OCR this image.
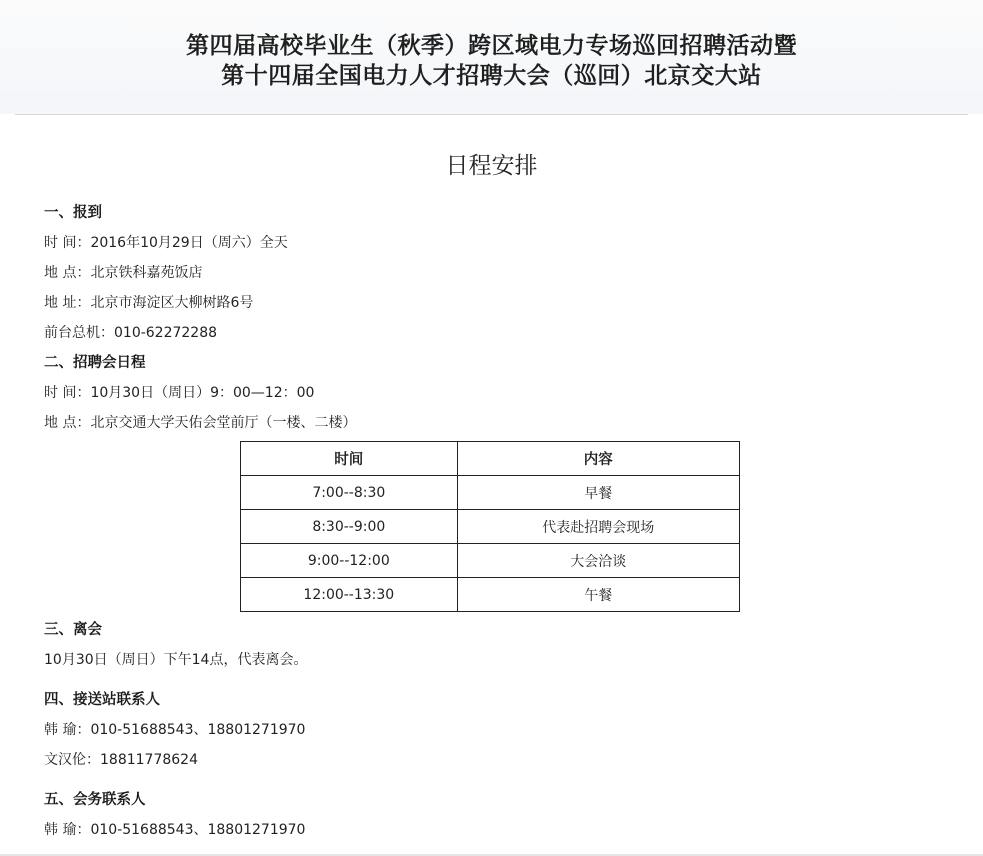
第四届高校毕业生（秋季）跨区域电力专场巡回招聘活动暨
第十四届全国电力人才招聘大会（巡回）北京交大站
日程安排
一、报到
时 间：2016年10月29日（周六）全天
地 点：北京铁科嘉苑饭店
地 址：北京市海淀区大柳树路6号
前台总机：010-62272288
二、招聘会日程
时 间：10月30日（周日）9：00—12：00
地 点：北京交通大学天佑会堂前厅（一楼、二楼）
时间	内容
7:00--8:30	早餐
8:30--9:00	代表赴招聘会现场
9:00--12:00	大会洽谈
12:00--13:30	午餐
三、离会
10月30日（周日）下午14点，代表离会。
四、接送站联系人
韩 瑜：010-51688543、18801271970
文汉伦：18811778624
五、会务联系人
韩 瑜：010-51688543、18801271970
